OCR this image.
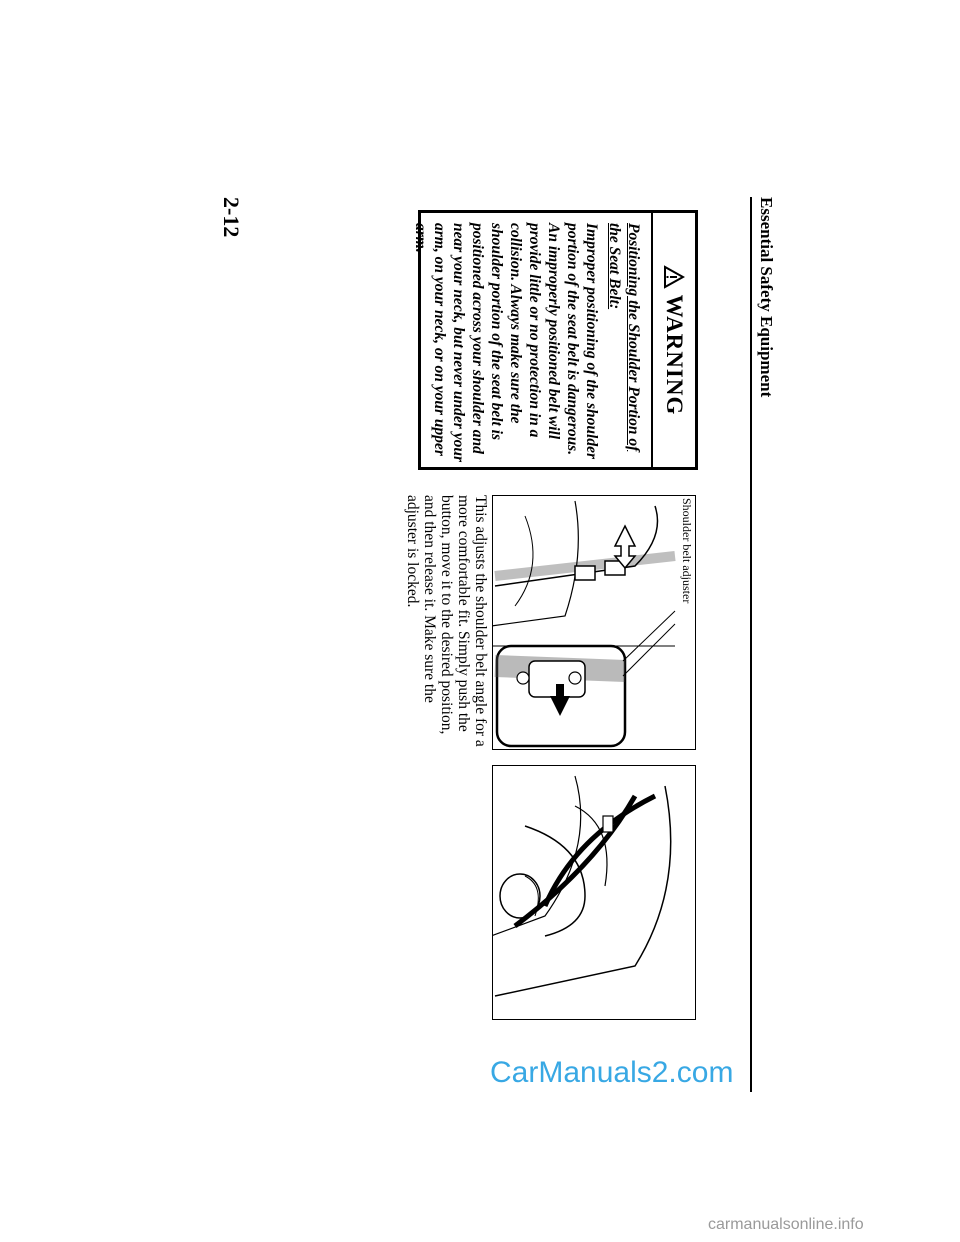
Essential Safety Equipment
2-12
WARNING
Positioning the Shoulder Portion of the Seat Belt:
Improper positioning of the shoulder portion of the seat belt is dangerous. An improperly positioned belt will provide little or no protection in a collision. Always make sure the shoulder portion of the seat belt is positioned across your shoulder and near your neck, but never under your arm, on your neck, or on your upper arm.
Shoulder belt adjuster
This adjusts the shoulder belt angle for a more comfortable fit. Simply push the button, move it to the desired position, and then release it. Make sure the adjuster is locked.
CarManuals2.com
carmanualsonline.info
